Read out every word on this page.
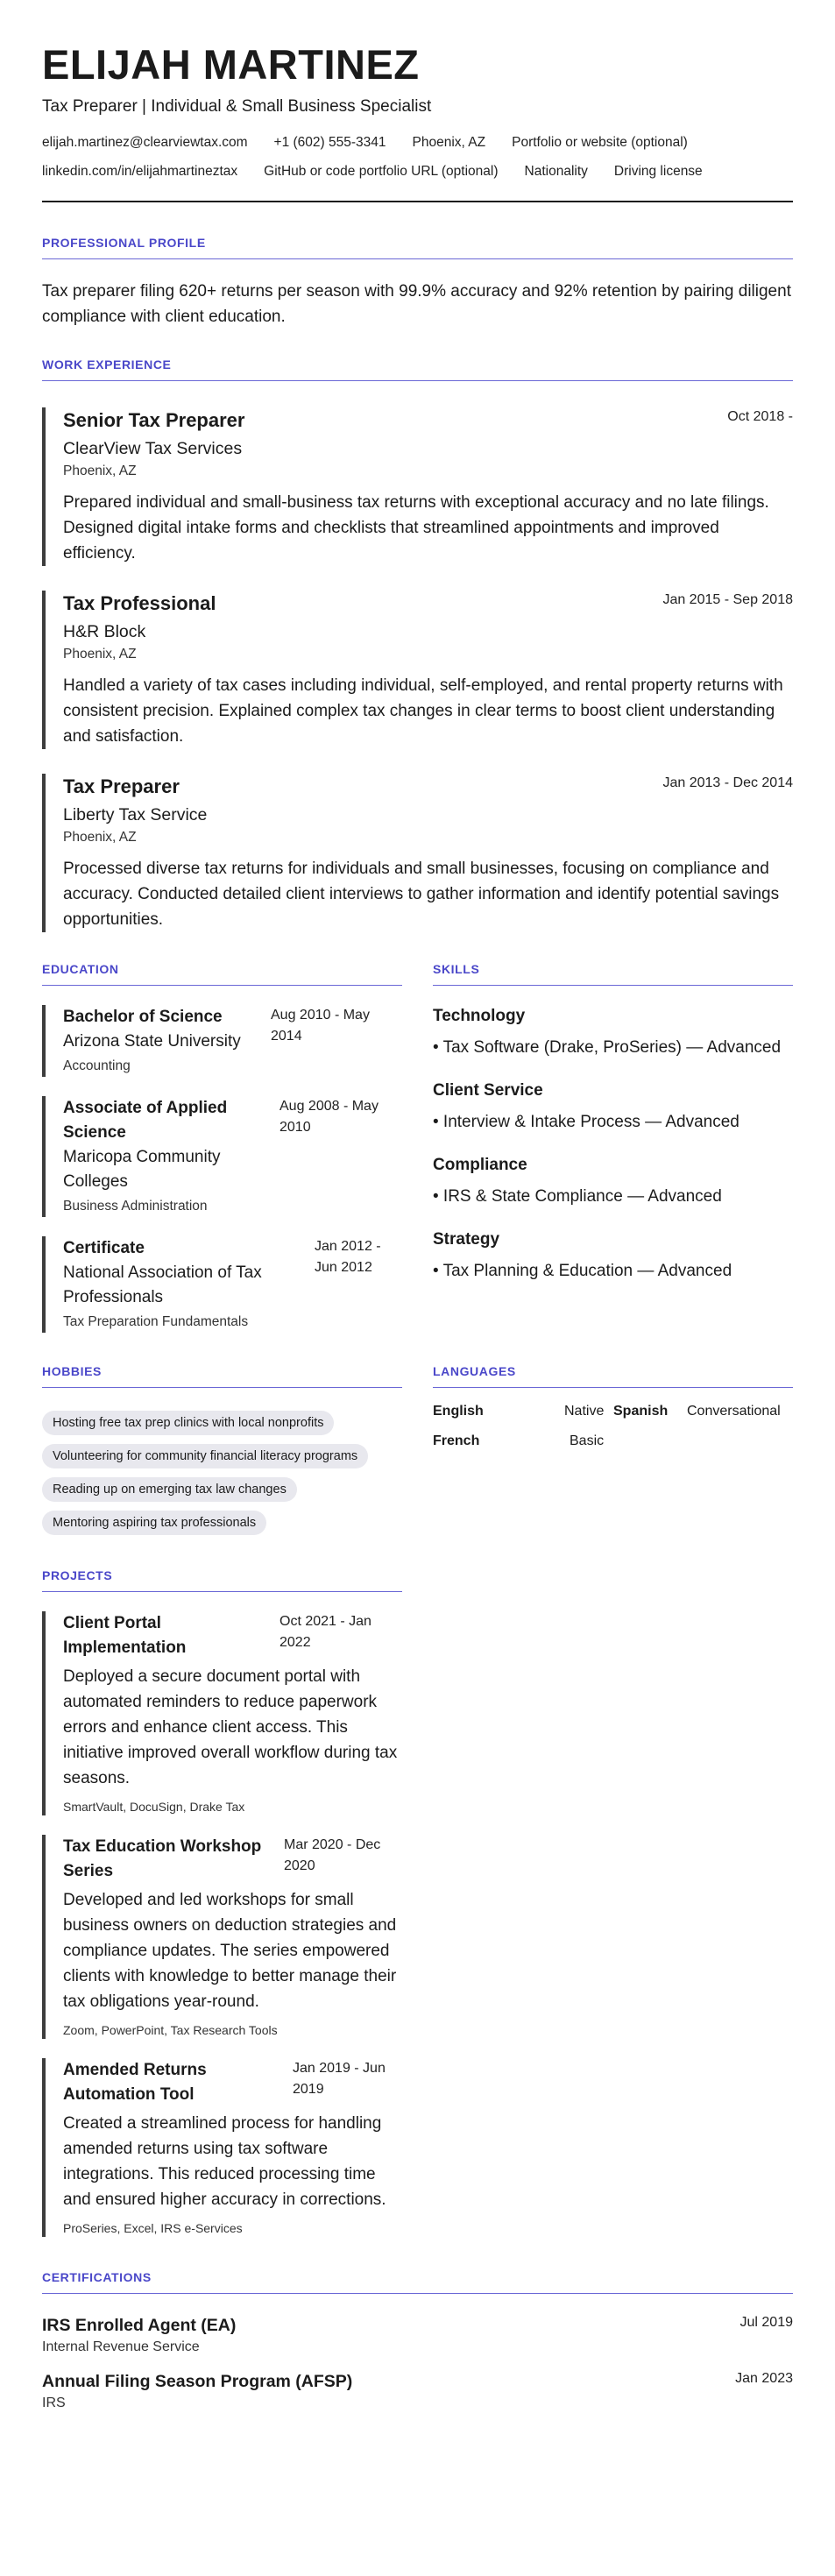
ELIJAH MARTINEZ
Tax Preparer | Individual & Small Business Specialist
elijah.martinez@clearviewtax.com +1 (602) 555-3341 Phoenix, AZ Portfolio or website (optional)
linkedin.com/in/elijahmartineztax GitHub or code portfolio URL (optional) Nationality Driving license
PROFESSIONAL PROFILE

Tax preparer filing 620+ returns per season with 99.9% accuracy and 92% retention by pairing diligent compliance with client education.

WORK EXPERIENCE
Senior Tax Preparer	Oct 2018 -
ClearView Tax Services
Phoenix, AZ

Prepared individual and small-business tax returns with exceptional accuracy and no late filings. Designed digital intake forms and checklists that streamlined appointments and improved efficiency.

Tax Professional	Jan 2015 - Sep 2018
H&R Block
Phoenix, AZ

Handled a variety of tax cases including individual, self-employed, and rental property returns with consistent precision. Explained complex tax changes in clear terms to boost client understanding and satisfaction.

Tax Preparer	Jan 2013 - Dec 2014
Liberty Tax Service
Phoenix, AZ

Processed diverse tax returns for individuals and small businesses, focusing on compliance and accuracy. Conducted detailed client interviews to gather information and identify potential savings opportunities.

EDUCATION
Bachelor of Science
Arizona State University
Aug 2010 - May 2014
Accounting
Associate of Applied Science
Maricopa Community Colleges
Aug 2008 - May 2010
Business Administration
Certificate
National Association of Tax Professionals
Jan 2012 - Jun 2012
Tax Preparation Fundamentals
SKILLS
Technology
• Tax Software (Drake, ProSeries) — Advanced
Client Service
• Interview & Intake Process — Advanced
Compliance
• IRS & State Compliance — Advanced
Strategy
• Tax Planning & Education — Advanced
HOBBIES
Hosting free tax prep clinics with local nonprofits
Volunteering for community financial literacy programs
Reading up on emerging tax law changes
Mentoring aspiring tax professionals
LANGUAGES
English	Native Spanish	Conversational
French	Basic
PROJECTS
Client Portal Implementation
Oct 2021 - Jan 2022

Deployed a secure document portal with automated reminders to reduce paperwork errors and enhance client access. This initiative improved overall workflow during tax seasons.

SmartVault, DocuSign, Drake Tax
Tax Education Workshop Series
Mar 2020 - Dec 2020

Developed and led workshops for small business owners on deduction strategies and compliance updates. The series empowered clients with knowledge to better manage their tax obligations year-round.

Zoom, PowerPoint, Tax Research Tools
Amended Returns Automation Tool
Jan 2019 - Jun 2019

Created a streamlined process for handling amended returns using tax software integrations. This reduced processing time and ensured higher accuracy in corrections.

ProSeries, Excel, IRS e-Services
CERTIFICATIONS
IRS Enrolled Agent (EA)	Jul 2019
Internal Revenue Service
Annual Filing Season Program (AFSP)	Jan 2023
IRS
